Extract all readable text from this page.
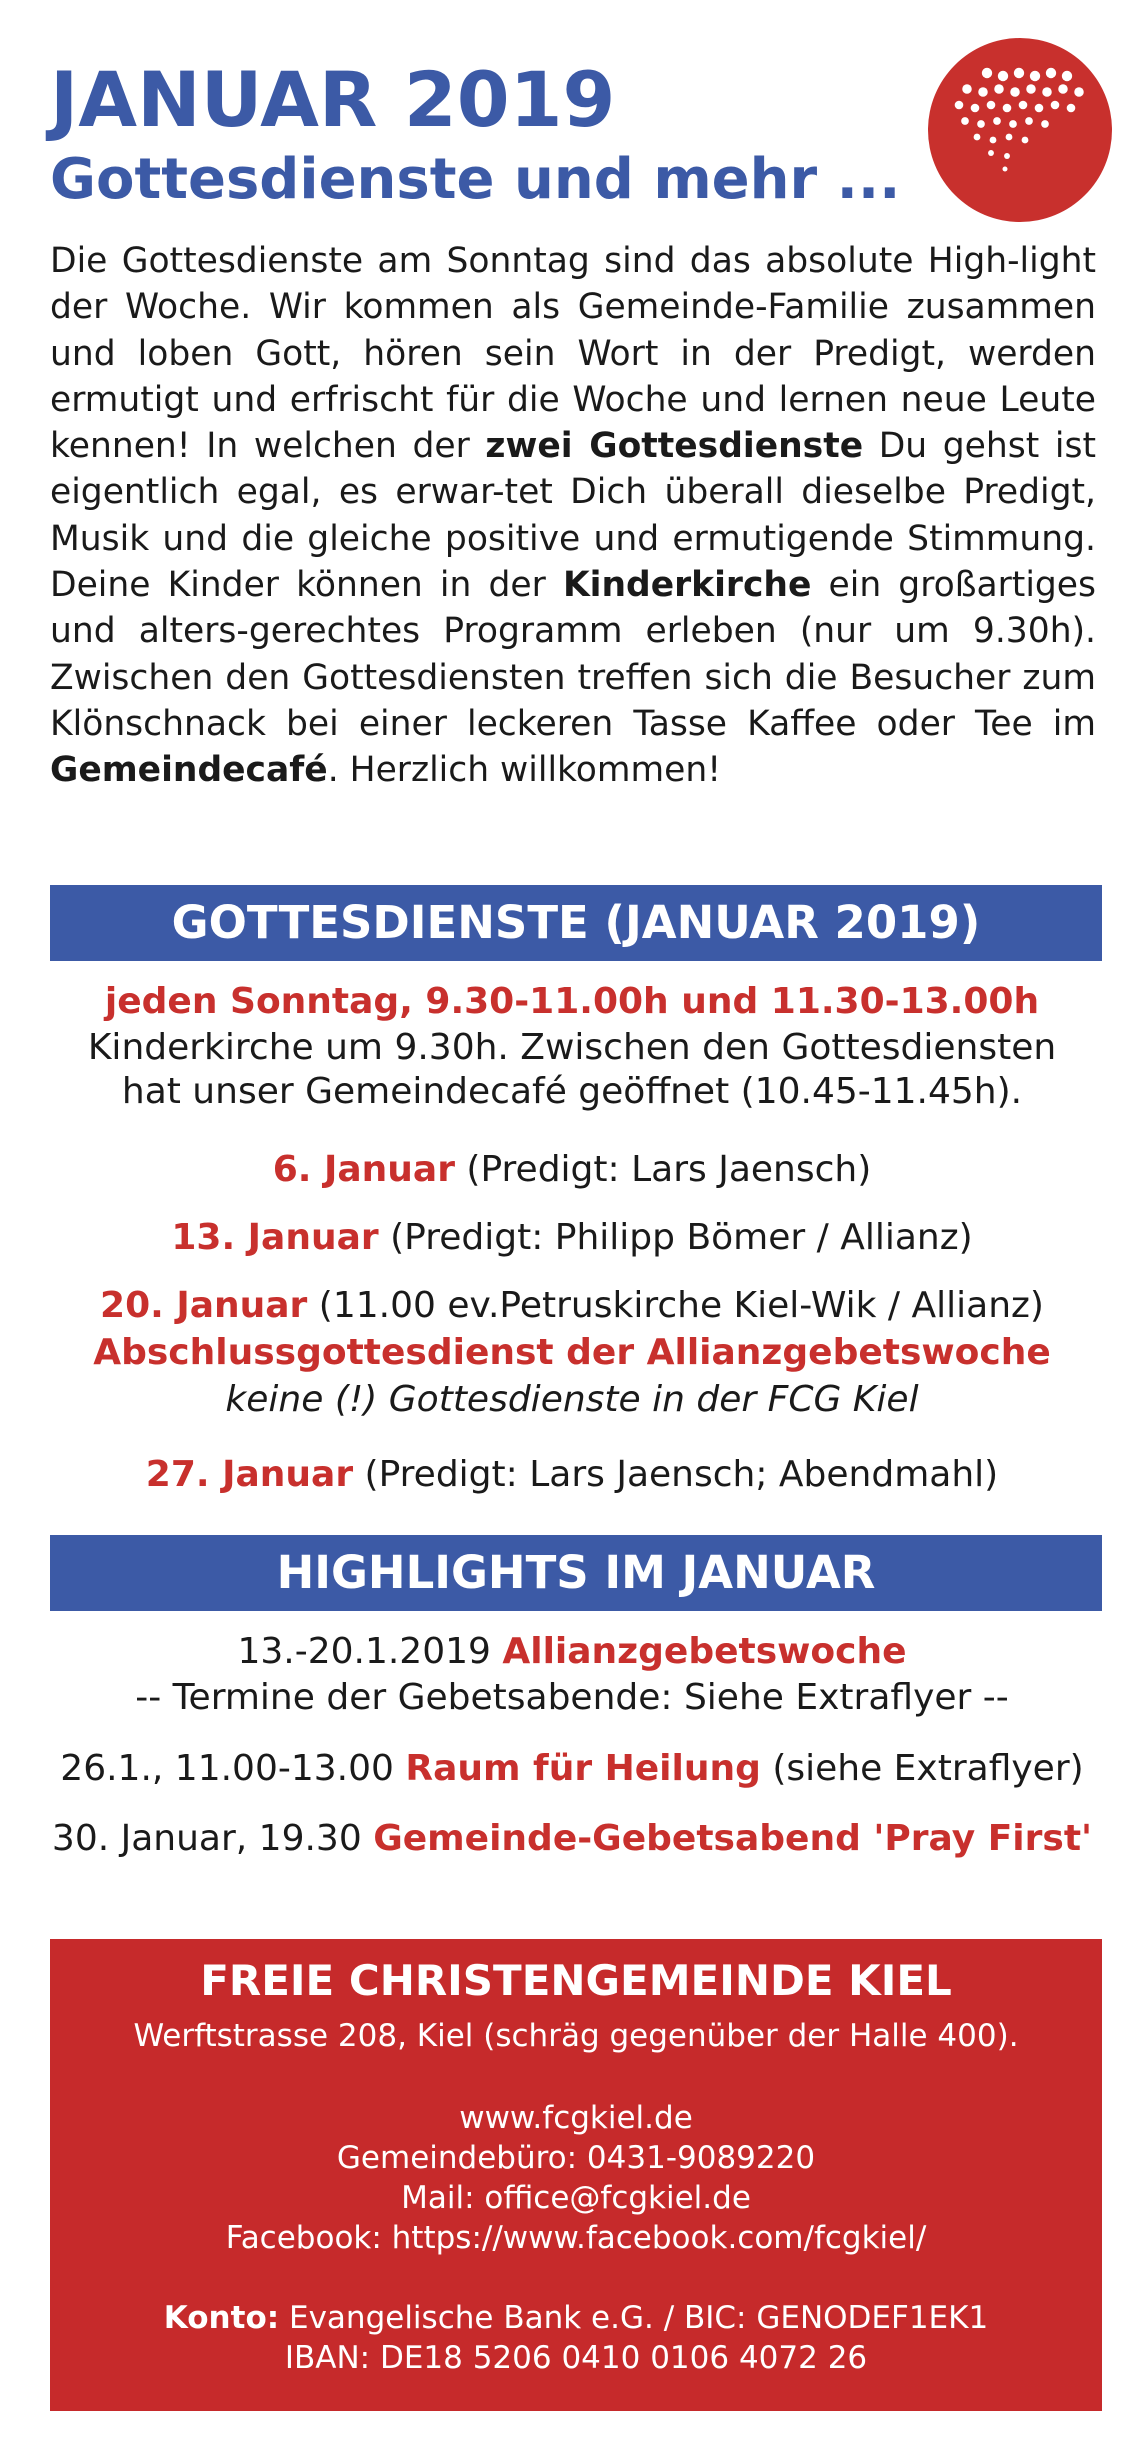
JANUAR 2019
Gottesdienste und mehr ...
Die Gottesdienste am Sonntag sind das absolute High-light der Woche. Wir kommen als Gemeinde-Familie zusammen und loben Gott, hören sein Wort in der Predigt, werden ermutigt und erfrischt für die Woche und lernen neue Leute kennen! In welchen der zwei Gottesdienste Du gehst ist eigentlich egal, es erwar-tet Dich überall dieselbe Predigt, Musik und die gleiche positive und ermutigende Stimmung. Deine Kinder können in der Kinderkirche ein großartiges und alters-gerechtes Programm erleben (nur um 9.30h). Zwischen den Gottesdiensten treffen sich die Besucher zum Klönschnack bei einer leckeren Tasse Kaffee oder Tee im Gemeindecafé. Herzlich willkommen!
GOTTESDIENSTE (JANUAR 2019)
jeden Sonntag, 9.30-11.00h und 11.30-13.00h
Kinderkirche um 9.30h. Zwischen den Gottesdiensten
hat unser Gemeindecafé geöffnet (10.45-11.45h).
6. Januar (Predigt: Lars Jaensch)
13. Januar (Predigt: Philipp Bömer / Allianz)
20. Januar (11.00 ev.Petruskirche Kiel-Wik / Allianz)
Abschlussgottesdienst der Allianzgebetswoche
keine (!) Gottesdienste in der FCG Kiel
27. Januar (Predigt: Lars Jaensch; Abendmahl)
HIGHLIGHTS IM JANUAR
13.-20.1.2019 Allianzgebetswoche
-- Termine der Gebetsabende: Siehe Extraflyer --
26.1., 11.00-13.00 Raum für Heilung (siehe Extraflyer)
30. Januar, 19.30 Gemeinde-Gebetsabend 'Pray First'
FREIE CHRISTENGEMEINDE KIEL
Werftstrasse 208, Kiel (schräg gegenüber der Halle 400).
www.fcgkiel.de
Gemeindebüro: 0431-9089220
Mail: office@fcgkiel.de
Facebook: https://www.facebook.com/fcgkiel/
Konto: Evangelische Bank e.G. / BIC: GENODEF1EK1
IBAN: DE18 5206 0410 0106 4072 26
